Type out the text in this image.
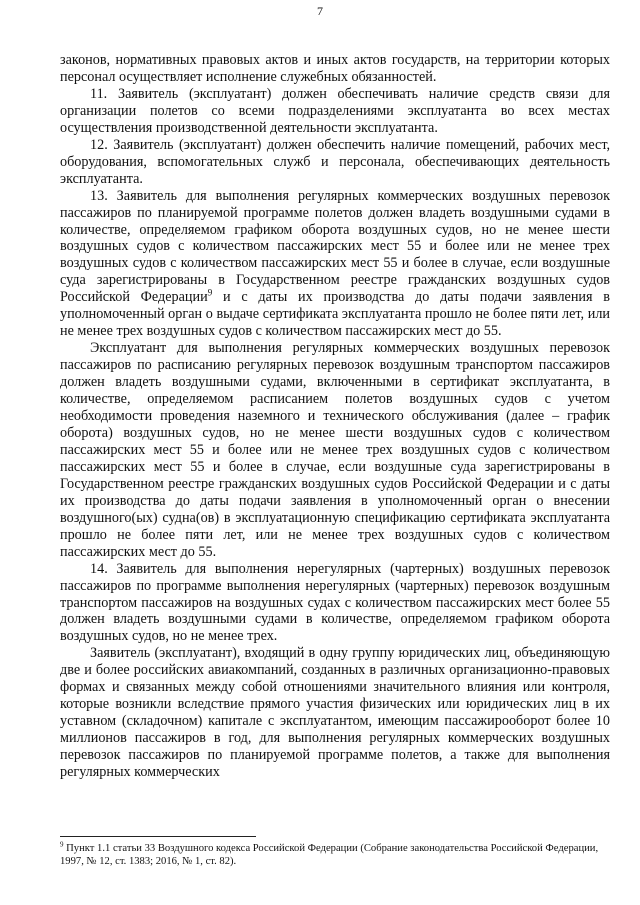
7

законов, нормативных правовых актов и иных актов государств, на территории которых персонал осуществляет исполнение служебных обязанностей.

11. Заявитель (эксплуатант) должен обеспечивать наличие средств связи для организации полетов со всеми подразделениями эксплуатанта во всех местах осуществления производственной деятельности эксплуатанта.

12. Заявитель (эксплуатант) должен обеспечить наличие помещений, рабочих мест, оборудования, вспомогательных служб и персонала, обеспечивающих деятельность эксплуатанта.

13. Заявитель для выполнения регулярных коммерческих воздушных перевозок пассажиров по планируемой программе полетов должен владеть воздушными судами в количестве, определяемом графиком оборота воздушных судов, но не менее шести воздушных судов с количеством пассажирских мест 55 и более или не менее трех воздушных судов с количеством пассажирских мест 55 и более в случае, если воздушные суда зарегистрированы в Государственном реестре гражданских воздушных судов Российской Федерации$^9$ и с даты их производства до даты подачи заявления в уполномоченный орган о выдаче сертификата эксплуатанта прошло не более пяти лет, или не менее трех воздушных судов с количеством пассажирских мест до 55.

Эксплуатант для выполнения регулярных коммерческих воздушных перевозок пассажиров по расписанию регулярных перевозок воздушным транспортом пассажиров должен владеть воздушными судами, включенными в сертификат эксплуатанта, в количестве, определяемом расписанием полетов воздушных судов с учетом необходимости проведения наземного и технического обслуживания (далее – график оборота) воздушных судов, но не менее шести воздушных судов с количеством пассажирских мест 55 и более или не менее трех воздушных судов с количеством пассажирских мест 55 и более в случае, если воздушные суда зарегистрированы в Государственном реестре гражданских воздушных судов Российской Федерации и с даты их производства до даты подачи заявления в уполномоченный орган о внесении воздушного(ых) судна(ов) в эксплуатационную спецификацию сертификата эксплуатанта прошло не более пяти лет, или не менее трех воздушных судов с количеством пассажирских мест до 55.

14. Заявитель для выполнения нерегулярных (чартерных) воздушных перевозок пассажиров по программе выполнения нерегулярных (чартерных) перевозок воздушным транспортом пассажиров на воздушных судах с количеством пассажирских мест более 55 должен владеть воздушными судами в количестве, определяемом графиком оборота воздушных судов, но не менее трех.

Заявитель (эксплуатант), входящий в одну группу юридических лиц, объединяющую две и более российских авиакомпаний, созданных в различных организационно-правовых формах и связанных между собой отношениями значительного влияния или контроля, которые возникли вследствие прямого участия физических или юридических лиц в их уставном (складочном) капитале с эксплуатантом, имеющим пассажирооборот более 10 миллионов пассажиров в год, для выполнения регулярных коммерческих воздушных перевозок пассажиров по планируемой программе полетов, а также для выполнения регулярных коммерческих

$^9$ Пункт 1.1 статьи 33 Воздушного кодекса Российской Федерации (Собрание законодательства Российской Федерации, 1997, № 12, ст. 1383; 2016, № 1, ст. 82).
